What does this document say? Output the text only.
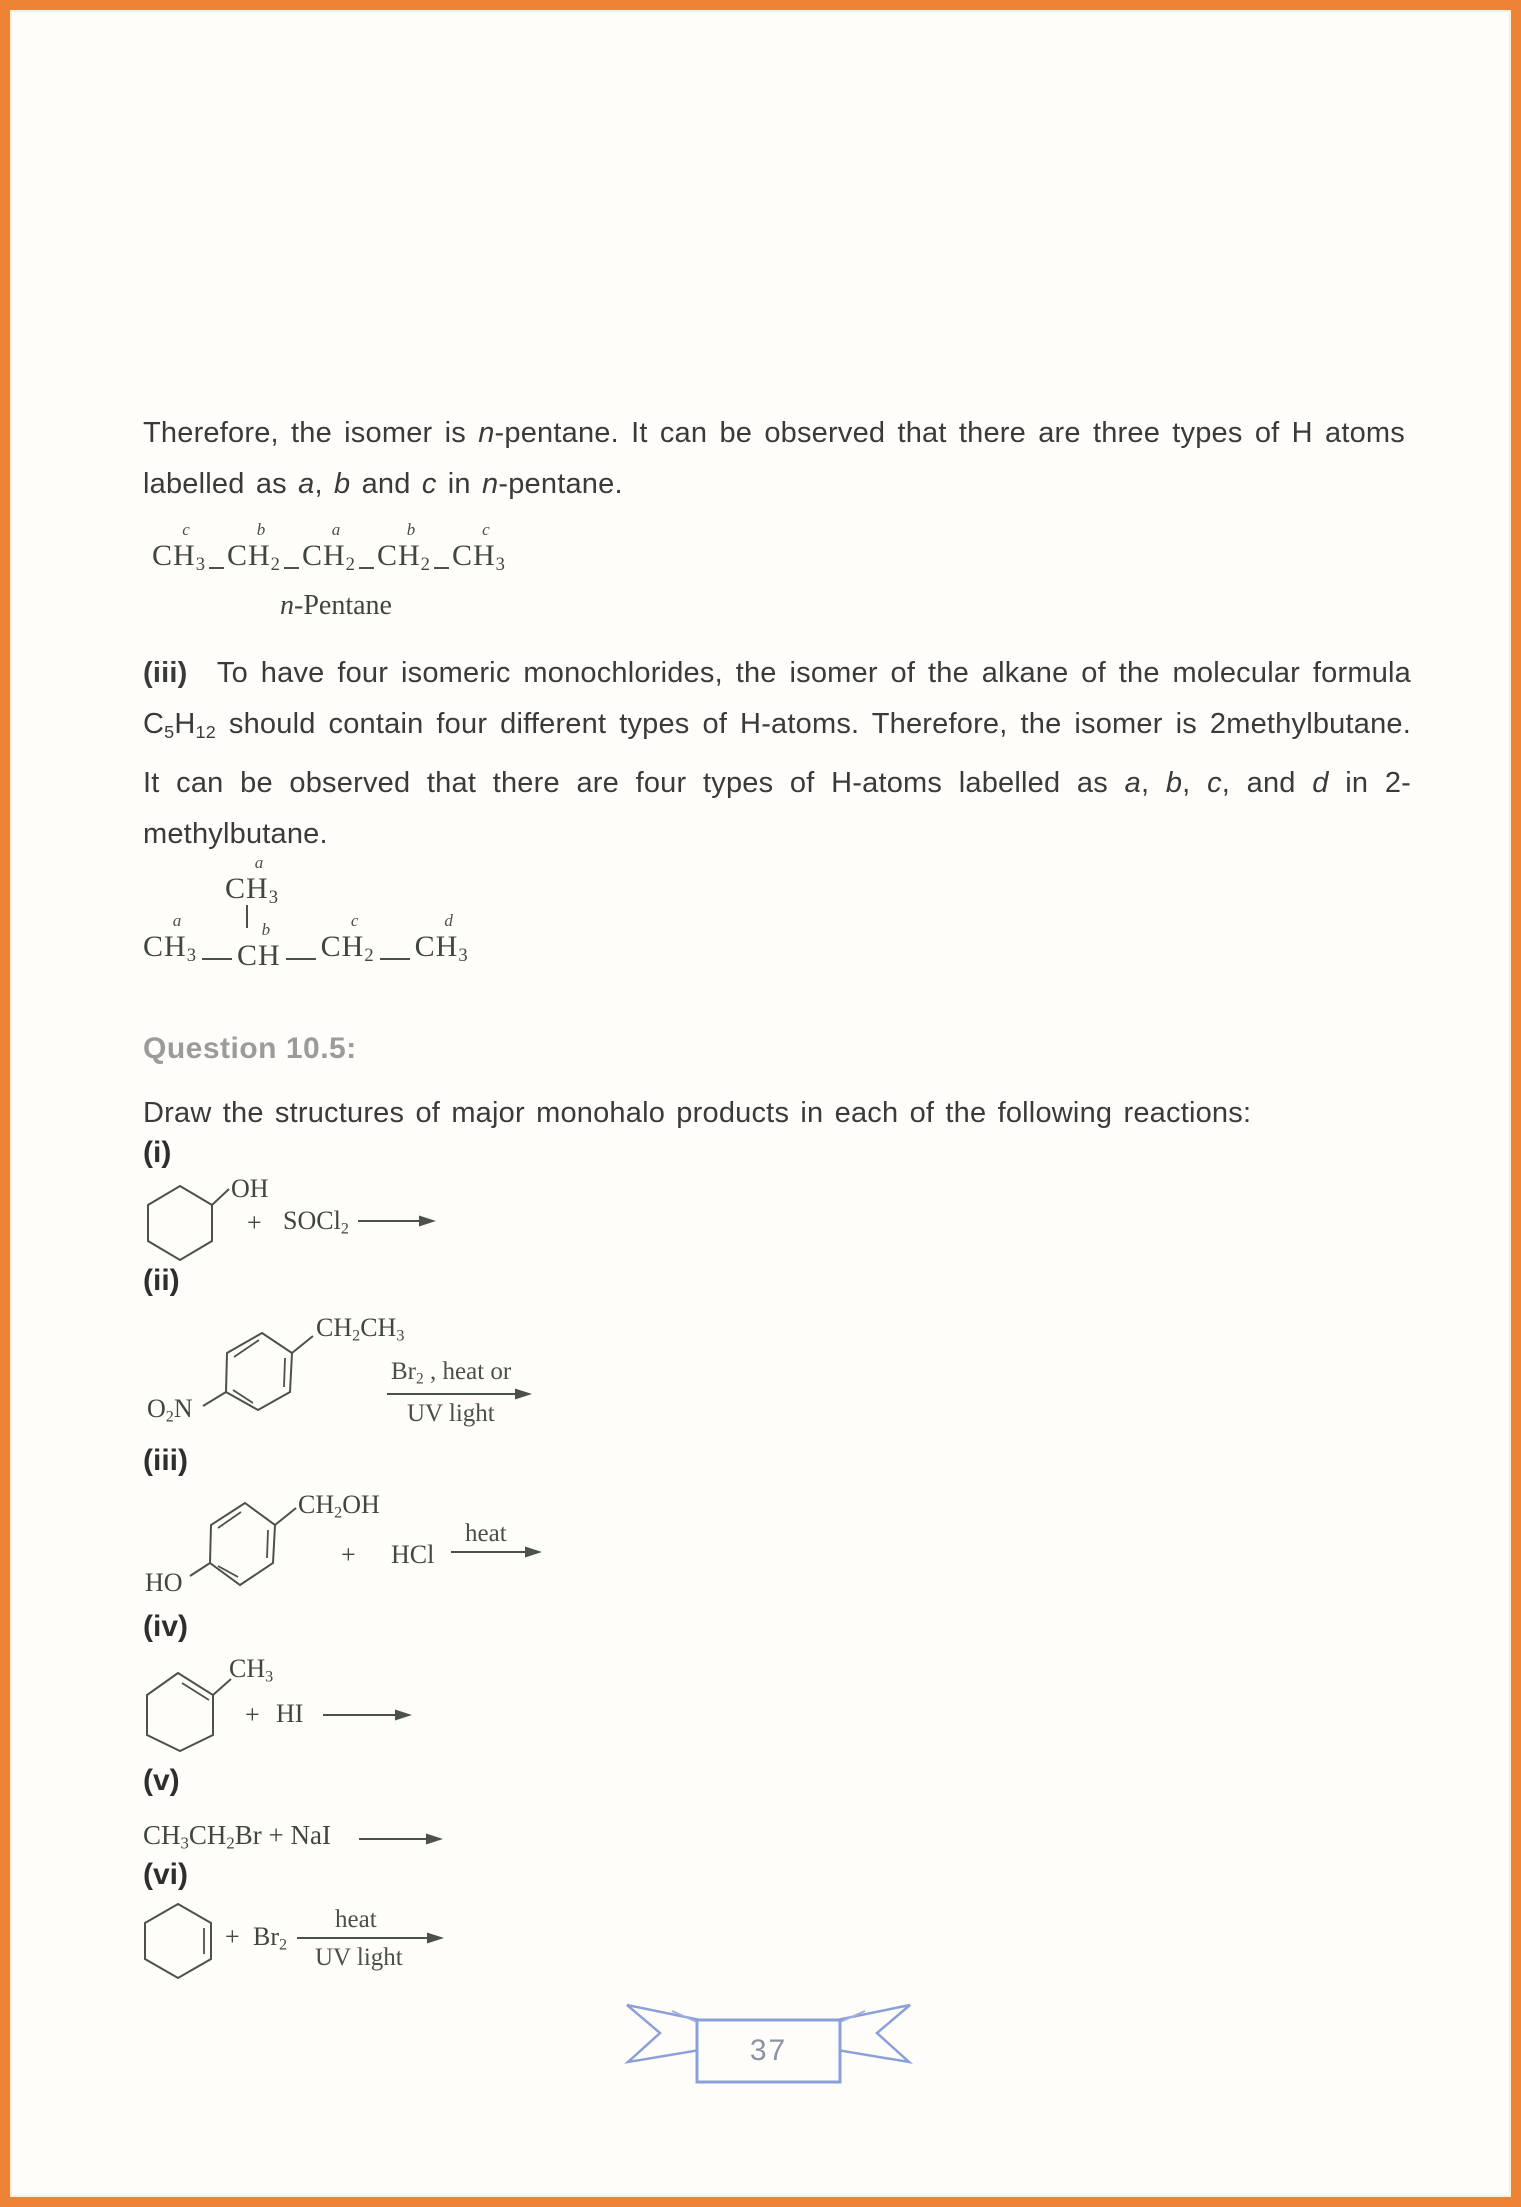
Therefore, the isomer is n-pentane. It can be observed that there are three types of H atoms labelled as a, b and c in n-pentane.
c
CH3
b
CH2
a
CH2
b
CH2
c
CH3
n-Pentane
(iii)  To have four isomeric monochlorides, the isomer of the alkane of the molecular formula C5H12 should contain four different types of H-atoms. Therefore, the isomer is 2methylbutane. It can be observed that there are four types of H-atoms labelled as a, b, c, and d in 2-methylbutane.
a
CH3
a
CH3
b
CH
c
CH2
d
CH3
Question 10.5:
Draw the structures of major monohalo products in each of the following reactions:
(i)
OH
+ SOCl2
(ii)
CH2CH3
O2N
Br2 , heat or
UV light
(iii)
CH2OH
HO
+ HCl
heat
(iv)
CH3
+ HI
(v)
CH3CH2Br + NaI
(vi)
+ Br2
heat
UV light
37
